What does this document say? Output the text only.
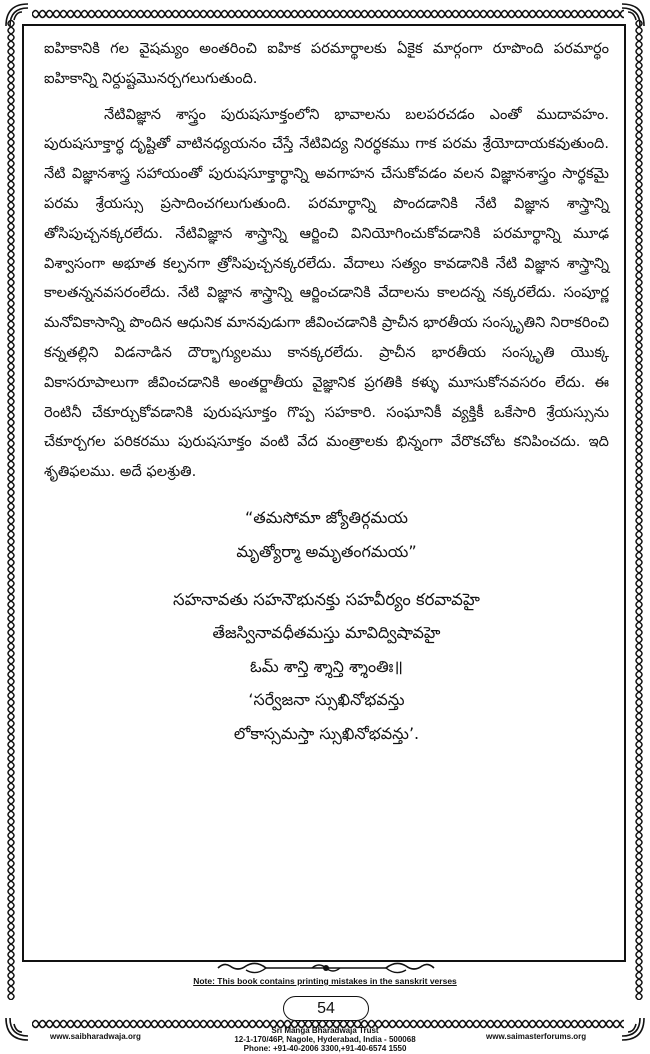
ఐహికానికి గల వైషమ్యం అంతరించి ఐహిక పరమార్థాలకు ఏకైక మార్గంగా రూపొంది పరమార్థం ఐహికాన్ని నిర్దుష్టమొనర్చగలుగుతుంది.

నేటివిజ్ఞాన శాస్త్రం పురుషసూక్తంలోని భావాలను బలపరచడం ఎంతో ముదావహం. పురుషసూక్తార్థ దృష్టితో వాటినధ్యయనం చేస్తే నేటివిద్య నిరర్థకము గాక పరమ శ్రేయోదాయకవుతుంది. నేటి విజ్ఞానశాస్త్ర సహాయంతో పురుషసూక్తార్థాన్ని అవగాహన చేసుకోవడం వలన విజ్ఞానశాస్త్రం సార్థకమై పరమ శ్రేయస్సు ప్రసాదించగలుగుతుంది. పరమార్థాన్ని పొందడానికి నేటి విజ్ఞాన శాస్త్రాన్ని తోసిపుచ్చనక్కరలేదు. నేటివిజ్ఞాన శాస్త్రాన్ని ఆర్జించి వినియోగించుకోవడానికి పరమార్థాన్ని మూఢ విశ్వాసంగా అభూత కల్పనగా త్రోసిపుచ్చనక్కరలేదు. వేదాలు సత్యం కావడానికి నేటి విజ్ఞాన శాస్త్రాన్ని కాలతన్ననవసరంలేదు. నేటి విజ్ఞాన శాస్త్రాన్ని ఆర్జించడానికి వేదాలను కాలదన్న నక్కరలేదు. సంపూర్ణ మనోవికాసాన్ని పొందిన ఆధునిక మానవుడుగా జీవించడానికి ప్రాచీన భారతీయ సంస్కృతిని నిరాకరించి కన్నతల్లిని విడనాడిన దౌర్భాగ్యులము కానక్కరలేదు. ప్రాచీన భారతీయ సంస్కృతి యొక్క వికాసరూపాలుగా జీవించడానికి అంతర్జాతీయ వైజ్ఞానిక ప్రగతికి కళ్ళు మూసుకోనవసరం లేదు. ఈ రెంటినీ చేకూర్చుకోవడానికి పురుషసూక్తం గొప్ప సహకారి. సంఘానికీ వ్యక్తికీ ఒకేసారి శ్రేయస్సును చేకూర్చగల పరికరము పురుషసూక్తం వంటి వేద మంత్రాలకు భిన్నంగా వేరొకచోట కనిపించదు. ఇది శృతిఫలము. అదే ఫలశ్రుతి.

“తమసోమా జ్యోతిర్గమయ
మృత్యోర్మా అమృతంగమయ”
సహనావతు సహనౌభునక్తు సహవీర్యం కరవావహై
తేజస్వినావధీతమస్తు మావిద్విషావహై
ఓమ్ శాన్తి శ్శాన్తి శ్శాంతిః॥
‘సర్వేజనా స్సుఖినోభవన్తు
లోకాస్సమస్తా స్సుఖినోభవన్తు’.
Note: This book contains printing mistakes in the sanskrit verses
54
www.saibharadwaja.org	www.saimasterforums.org
Sri Manga Bharadwaja Trust
12-1-170/46P, Nagole, Hyderabad, India - 500068
Phone: +91-40-2006 3300,+91-40-6574 1550
